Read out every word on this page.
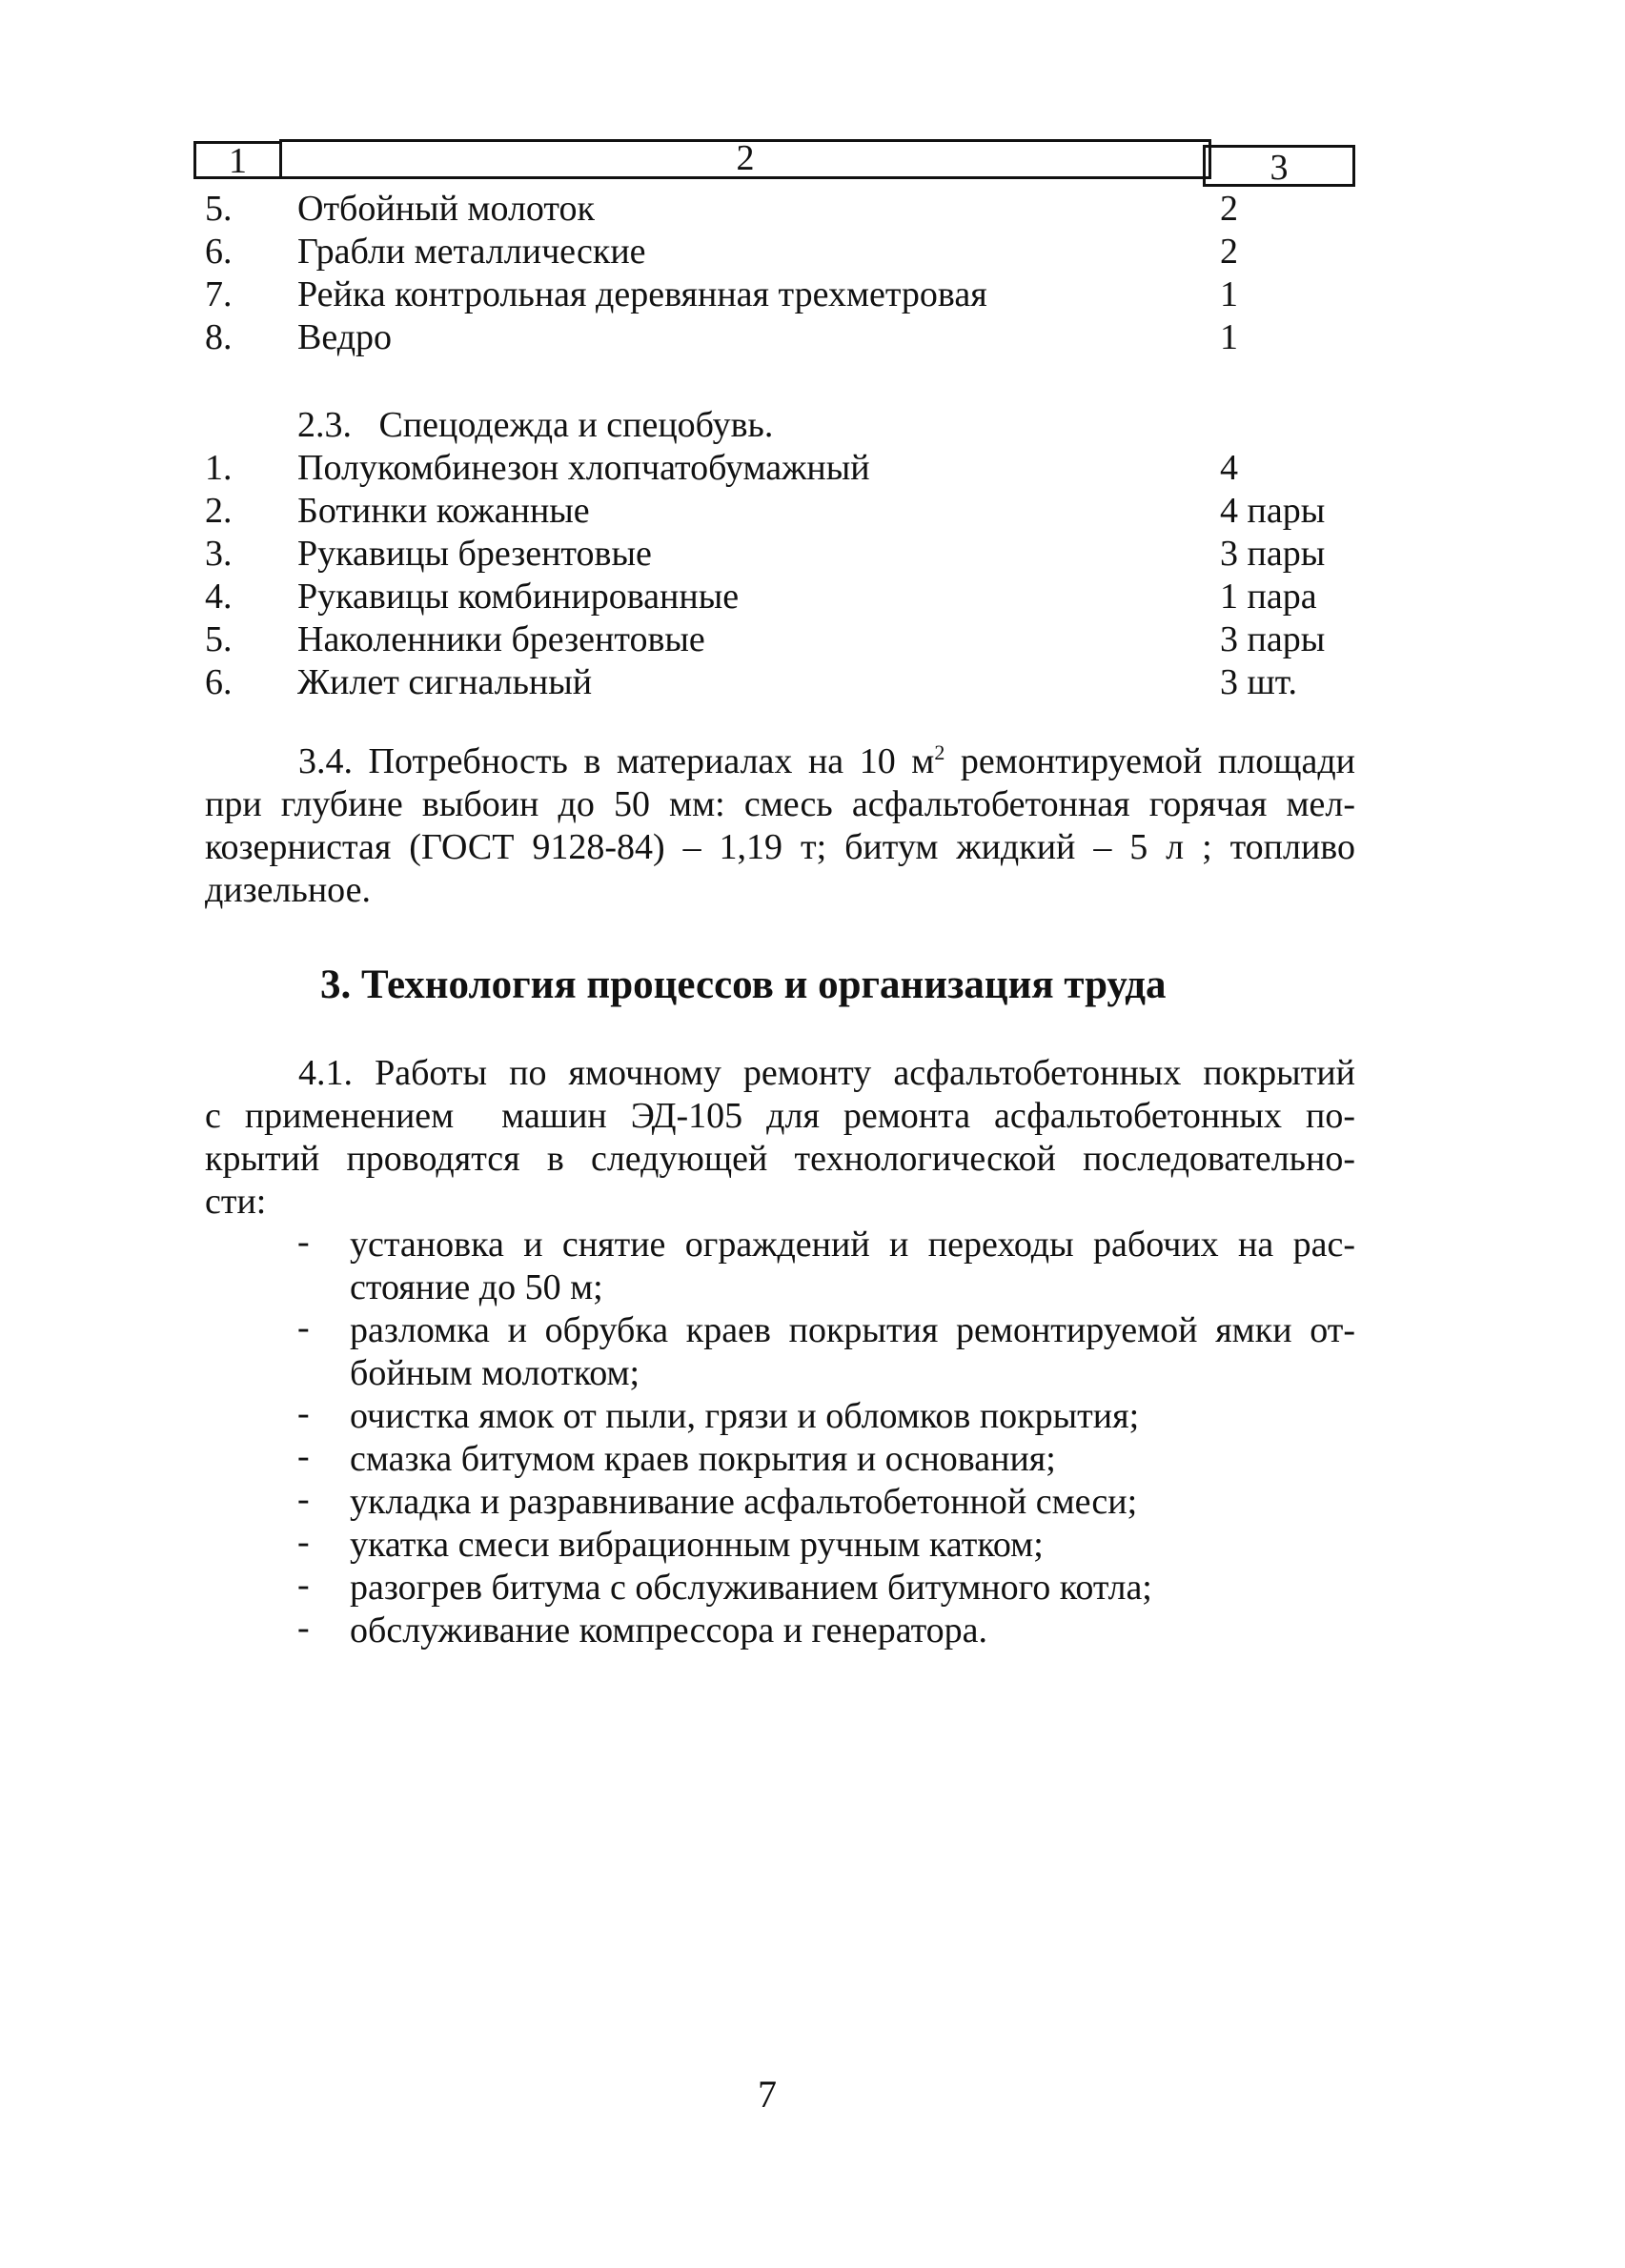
1	2	3
5. Отбойный молоток	2
6. Грабли металлические	2
7. Рейка контрольная деревянная трехметровая	1
8. Ведро	1
2.3.   Спецодежда и спецобувь.
1. Полукомбинезон хлопчатобумажный	4
2. Ботинки кожанные	4 пары
3. Рукавицы брезентовые	3 пары
4. Рукавицы комбинированные	1 пара
5. Наколенники брезентовые	3 пары
6. Жилет сигнальный	3 шт.
3.4. Потребность в материалах на 10 $м^2$ ремонтируемой площади
при глубине выбоин до 50 мм: смесь асфальтобетонная горячая мел-
козернистая (ГОСТ 9128-84) – 1,19 т; битум жидкий – 5 л ; топливо
дизельное.
3. Технология процессов и организация труда
4.1. Работы по ямочному ремонту асфальтобетонных покрытий
с применением  машин ЭД-105 для ремонта асфальтобетонных по-
крытий проводятся в следующей технологической последовательно-
сти:
- установка и снятие ограждений и переходы рабочих на рас-
стояние до 50 м;
- разломка и обрубка краев покрытия ремонтируемой ямки от-
бойным молотком;
- очистка ямок от пыли, грязи и обломков покрытия;
- смазка битумом краев покрытия и основания;
- укладка и разравнивание асфальтобетонной смеси;
- укатка смеси вибрационным ручным катком;
- разогрев битума с обслуживанием битумного котла;
- обслуживание компрессора и генератора.
7
